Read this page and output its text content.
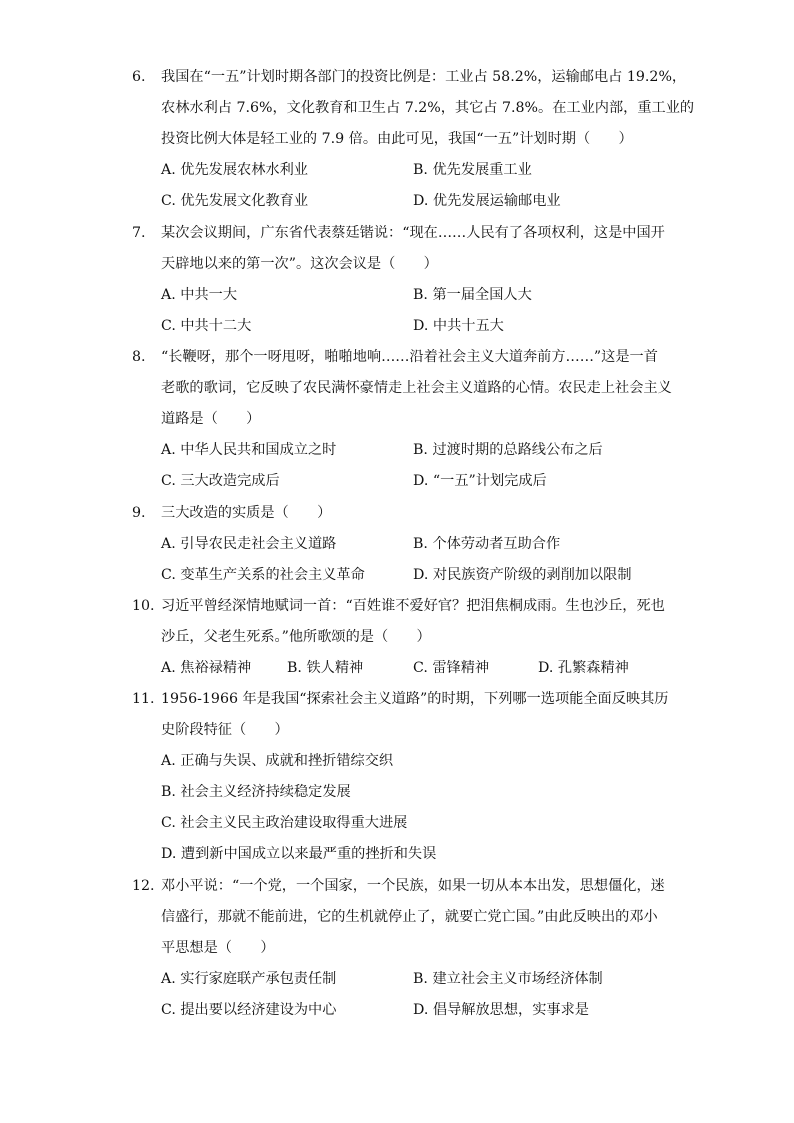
6.	我国在“一五”计划时期各部门的投资比例是：工业占 58.2%，运输邮电占 19.2%，
农林水利占 7.6%，文化教育和卫生占 7.2%，其它占 7.8%。在工业内部，重工业的
投资比例大体是轻工业的 7.9 倍。由此可见，我国“一五”计划时期（　　）
A. 优先发展农林水利业	B. 优先发展重工业
C. 优先发展文化教育业	D. 优先发展运输邮电业
7.	某次会议期间，广东省代表蔡廷锴说：“现在……人民有了各项权利，这是中国开
天辟地以来的第一次”。这次会议是（　　）
A. 中共一大	B. 第一届全国人大
C. 中共十二大	D. 中共十五大
8.	“长鞭呀，那个一呀甩呀，啪啪地响……沿着社会主义大道奔前方……”这是一首
老歌的歌词，它反映了农民满怀豪情走上社会主义道路的心情。农民走上社会主义
道路是（　　）
A. 中华人民共和国成立之时	B. 过渡时期的总路线公布之后
C. 三大改造完成后	D. “一五”计划完成后
9.	三大改造的实质是（　　）
A. 引导农民走社会主义道路	B. 个体劳动者互助合作
C. 变革生产关系的社会主义革命	D. 对民族资产阶级的剥削加以限制
10. 习近平曾经深情地赋词一首：“百姓谁不爱好官？把泪焦桐成雨。生也沙丘，死也
沙丘，父老生死系。”他所歌颂的是（　　）
A. 焦裕禄精神	B. 铁人精神	C. 雷锋精神	D. 孔繁森精神
11. 1956-1966 年是我国“探索社会主义道路”的时期，下列哪一选项能全面反映其历
史阶段特征（　　）
A. 正确与失误、成就和挫折错综交织
B. 社会主义经济持续稳定发展
C. 社会主义民主政治建设取得重大进展
D. 遭到新中国成立以来最严重的挫折和失误
12. 邓小平说：“一个党，一个国家，一个民族，如果一切从本本出发，思想僵化，迷
信盛行，那就不能前进，它的生机就停止了，就要亡党亡国。”由此反映出的邓小
平思想是（　　）
A. 实行家庭联产承包责任制	B. 建立社会主义市场经济体制
C. 提出要以经济建设为中心	D. 倡导解放思想，实事求是
